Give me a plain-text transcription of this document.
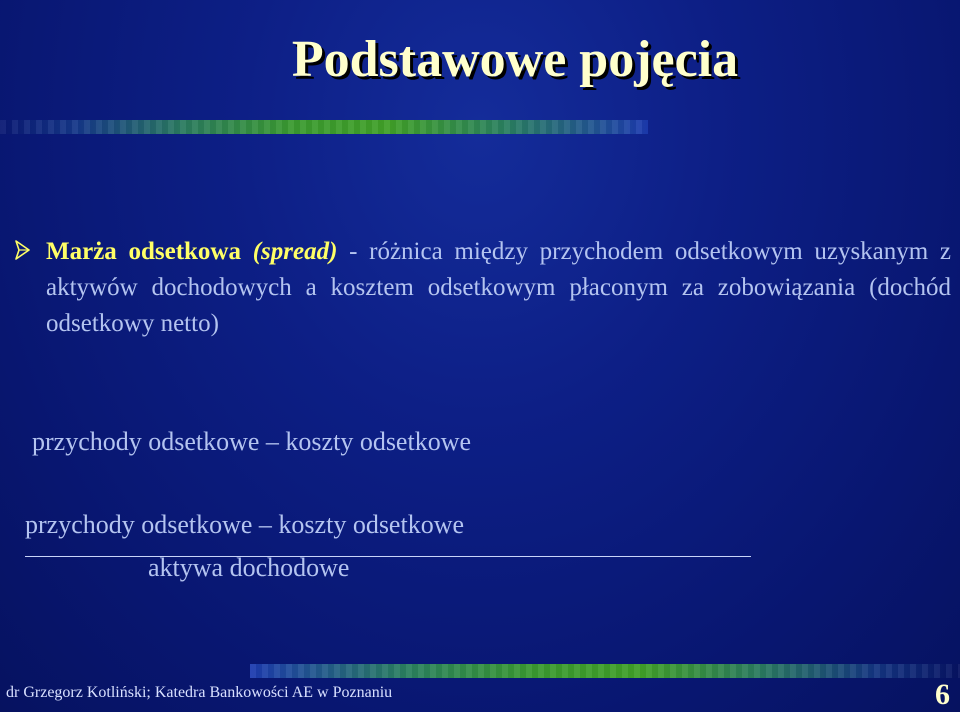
Podstawowe pojęcia

Marża odsetkowa (spread) - różnica między przychodem odsetkowym uzyskanym z aktywów dochodowych a kosztem odsetkowym płaconym za zobowiązania (dochód odsetkowy netto)

przychody odsetkowe – koszty odsetkowe

przychody odsetkowe – koszty odsetkowe

aktywa dochodowe

dr Grzegorz Kotliński; Katedra Bankowości AE w Poznaniu	6
